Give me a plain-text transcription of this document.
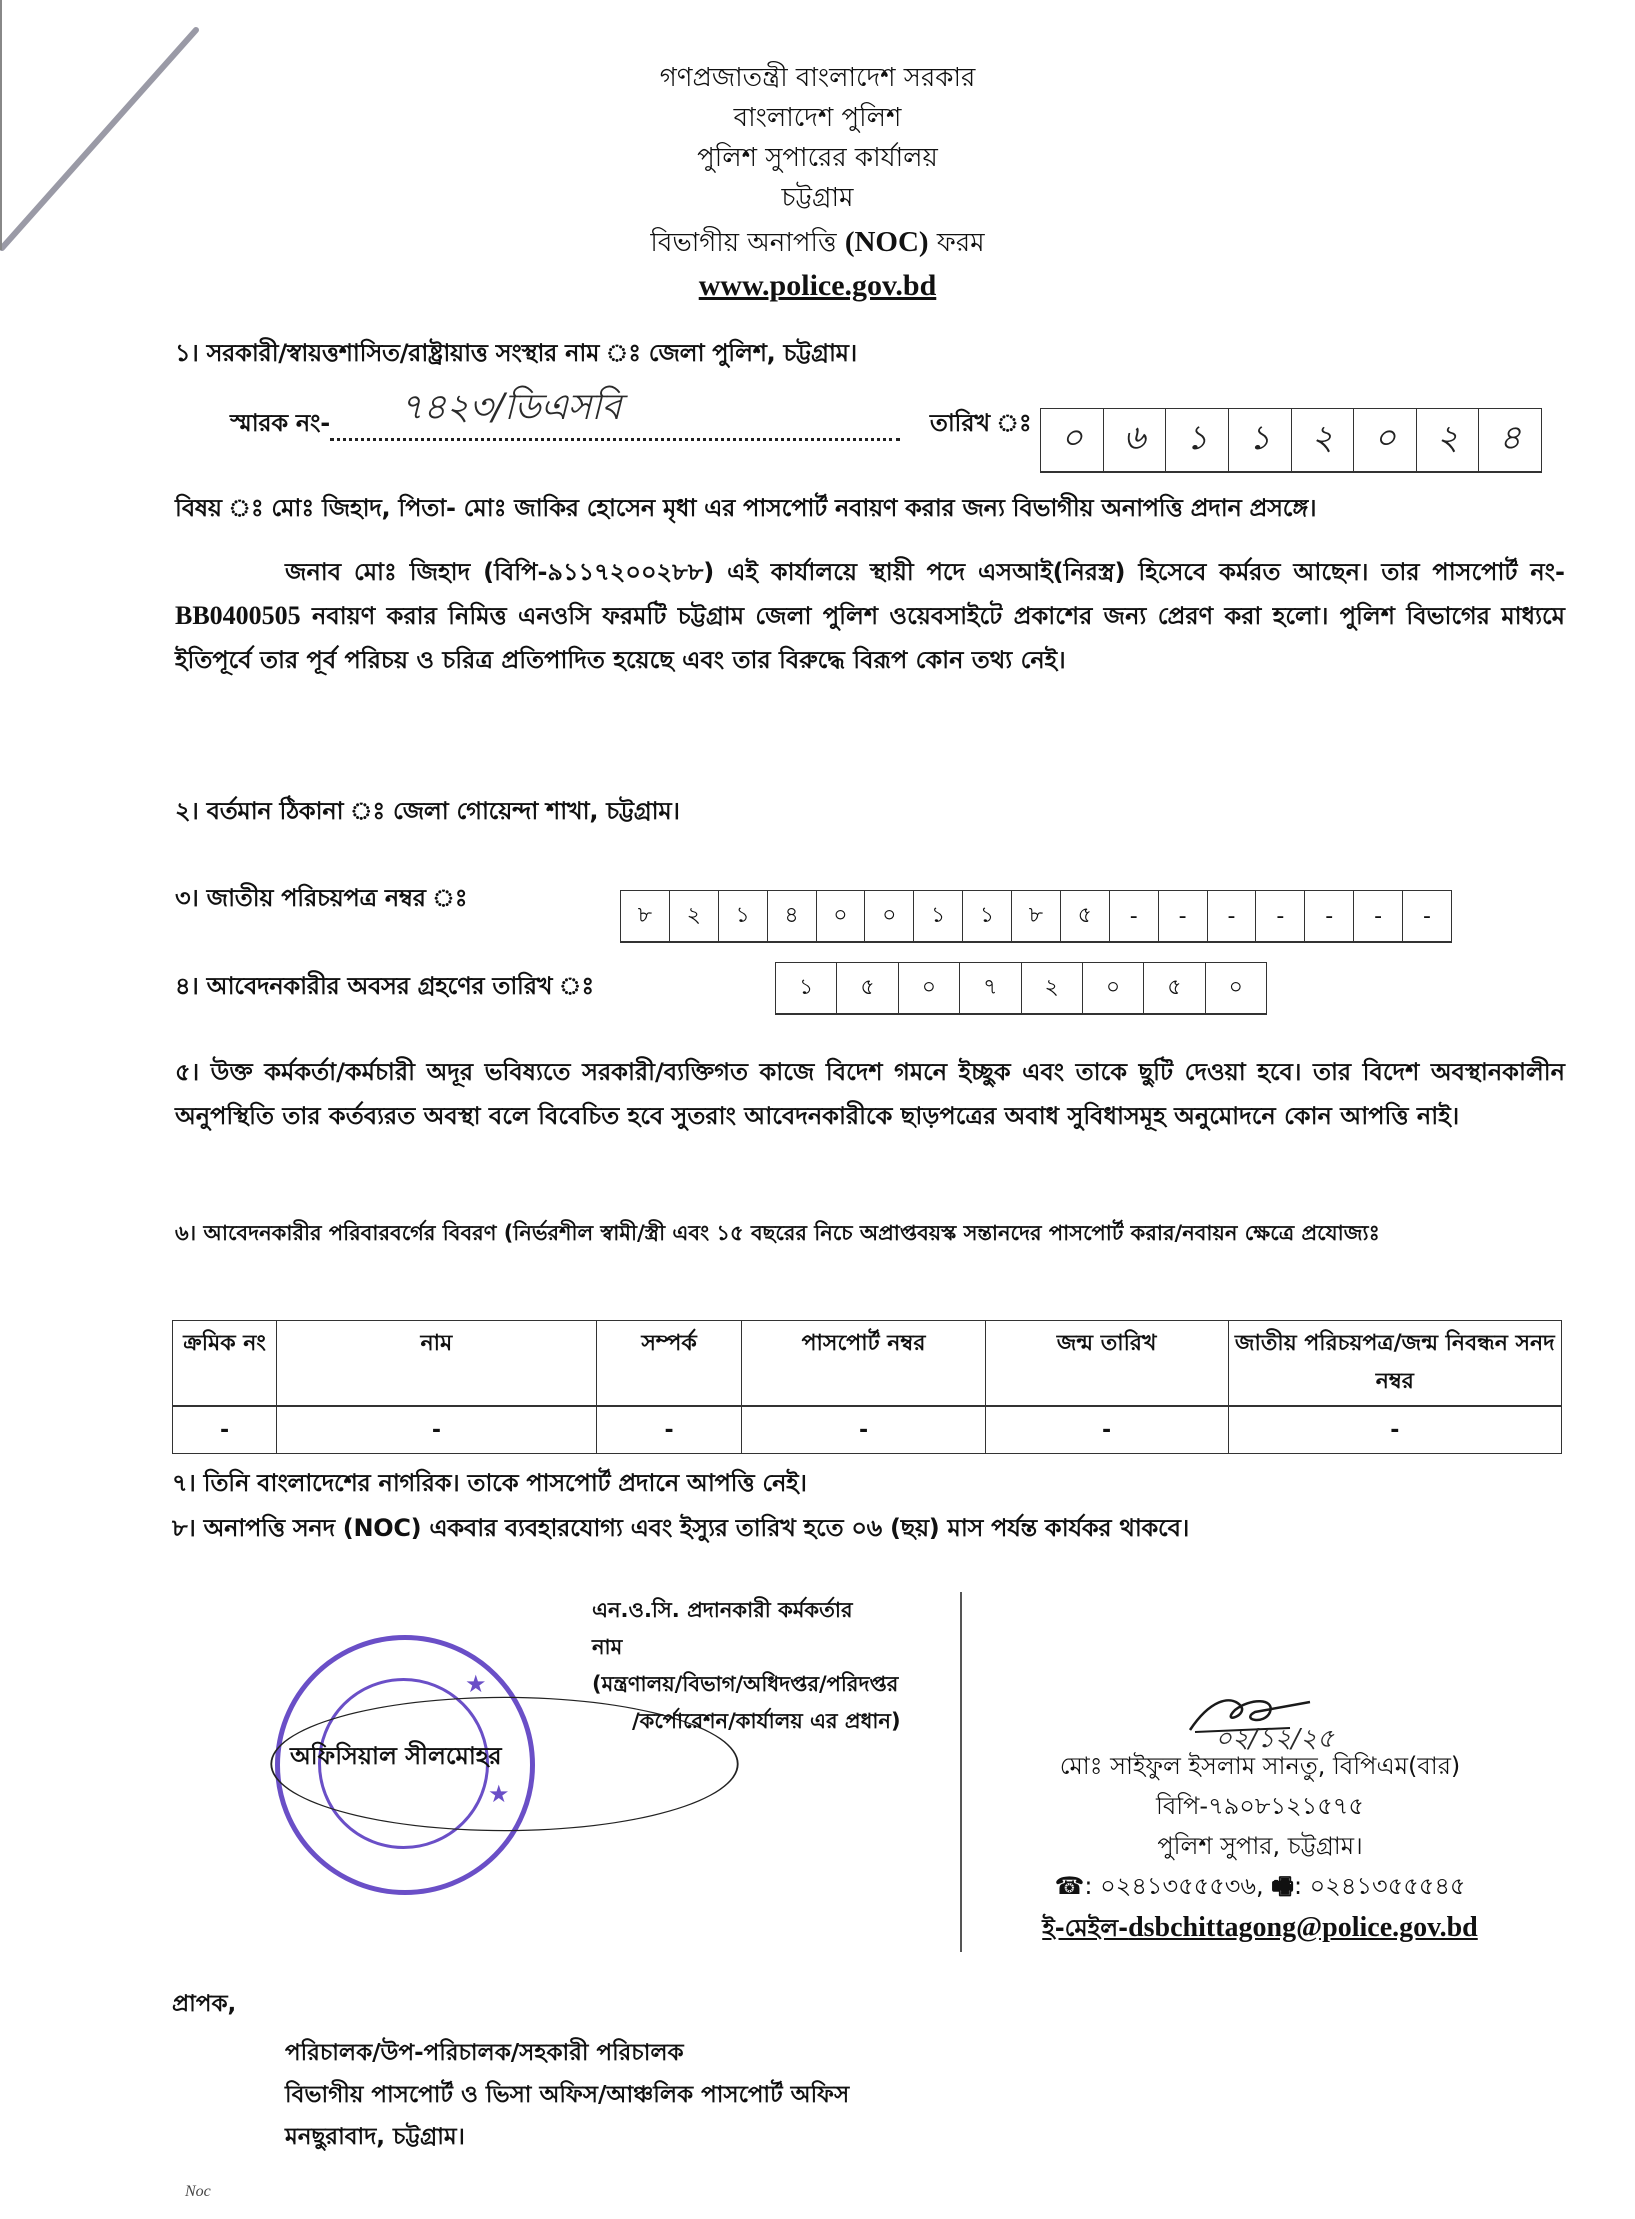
গণপ্রজাতন্ত্রী বাংলাদেশ সরকার
বাংলাদেশ পুলিশ
পুলিশ সুপারের কার্যালয়
চট্টগ্রাম
বিভাগীয় অনাপত্তি (NOC) ফরম
www.police.gov.bd
১। সরকারী/স্বায়ত্তশাসিত/রাষ্ট্রায়াত্ত সংস্থার নাম ঃ জেলা পুলিশ, চট্টগ্রাম।
স্মারক নং- ৭৪২৩/ডিএসবি	তারিখ ঃ ০	৬	১	১	২	০	২	৪
বিষয় ঃ মোঃ জিহাদ, পিতা- মোঃ জাকির হোসেন মৃধা এর পাসপোর্ট নবায়ণ করার জন্য বিভাগীয় অনাপত্তি প্রদান প্রসঙ্গে।
জনাব মোঃ জিহাদ (বিপি-৯১১৭২০০২৮৮) এই কার্যালয়ে স্থায়ী পদে এসআই(নিরস্ত্র) হিসেবে কর্মরত আছেন। তার পাসপোর্ট নং-BB0400505 নবায়ণ করার নিমিত্ত এনওসি ফরমটি চট্টগ্রাম জেলা পুলিশ ওয়েবসাইটে প্রকাশের জন্য প্রেরণ করা হলো। পুলিশ বিভাগের মাধ্যমে ইতিপূর্বে তার পূর্ব পরিচয় ও চরিত্র প্রতিপাদিত হয়েছে এবং তার বিরুদ্ধে বিরূপ কোন তথ্য নেই।
২। বর্তমান ঠিকানা ঃ জেলা গোয়েন্দা শাখা, চট্টগ্রাম।
৩। জাতীয় পরিচয়পত্র নম্বর ঃ
৮	২	১	৪	০	০	১	১	৮	৫	-	-	-	-	-	-	-
৪। আবেদনকারীর অবসর গ্রহণের তারিখ ঃ	১	৫	০	৭	২	০	৫	০
৫। উক্ত কর্মকর্তা/কর্মচারী অদূর ভবিষ্যতে সরকারী/ব্যক্তিগত কাজে বিদেশ গমনে ইচ্ছুক এবং তাকে ছুটি দেওয়া হবে। তার বিদেশ অবস্থানকালীন অনুপস্থিতি তার কর্তব্যরত অবস্থা বলে বিবেচিত হবে সুতরাং আবেদনকারীকে ছাড়পত্রের অবাধ সুবিধাসমূহ অনুমোদনে কোন আপত্তি নাই।
৬। আবেদনকারীর পরিবারবর্গের বিবরণ (নির্ভরশীল স্বামী/স্ত্রী এবং ১৫ বছরের নিচে অপ্রাপ্তবয়স্ক সন্তানদের পাসপোর্ট করার/নবায়ন ক্ষেত্রে প্রযোজ্যঃ
ক্রমিক নং	নাম	সম্পর্ক	পাসপোর্ট নম্বর	জন্ম তারিখ	জাতীয় পরিচয়পত্র/জন্ম নিবন্ধন সনদ নম্বর
-	-	-	-	-	-
৭। তিনি বাংলাদেশের নাগরিক। তাকে পাসপোর্ট প্রদানে আপত্তি নেই।
৮। অনাপত্তি সনদ (NOC) একবার ব্যবহারযোগ্য এবং ইস্যুর তারিখ হতে ০৬ (ছয়) মাস পর্যন্ত কার্যকর থাকবে।
★
★
অফিসিয়াল সীলমোহর
এন.ও.সি. প্রদানকারী কর্মকর্তার
নাম
(মন্ত্রণালয়/বিভাগ/অধিদপ্তর/পরিদপ্তর
/কর্পোরেশন/কার্যালয় এর প্রধান)
০২/১২/২৫
মোঃ সাইফুল ইসলাম সানতু, বিপিএম(বার)
বিপি-৭৯০৮১২১৫৭৫
পুলিশ সুপার, চট্টগ্রাম।
☎: ০২৪১৩৫৫৫৩৬, 🖷: ০২৪১৩৫৫৫৪৫
ই-মেইল-dsbchittagong@police.gov.bd
প্রাপক,
পরিচালক/উপ-পরিচালক/সহকারী পরিচালক
বিভাগীয় পাসপোর্ট ও ভিসা অফিস/আঞ্চলিক পাসপোর্ট অফিস
মনছুরাবাদ, চট্টগ্রাম।
Noc
